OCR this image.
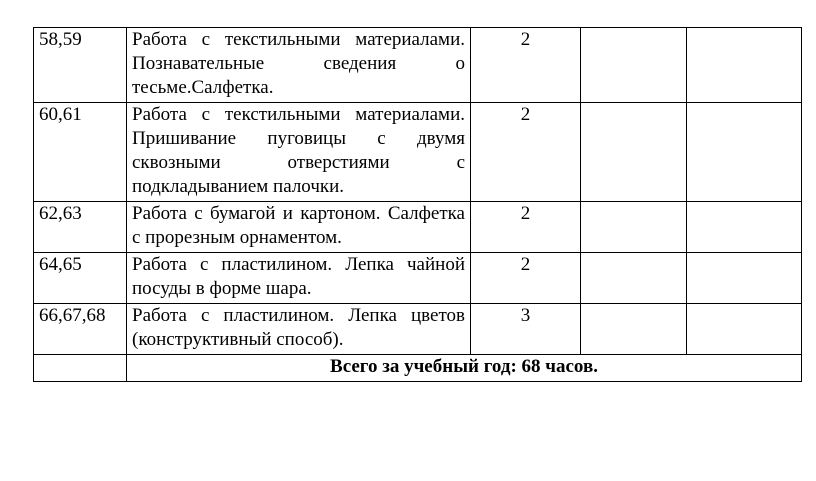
58,59	Работа с текстильными материалами. Познавательные сведения о тесьме.Салфетка.	2		
60,61	Работа с текстильными материалами. Пришивание пуговицы с двумя сквозными отверстиями с подкладыванием палочки.	2		
62,63	Работа с бумагой и картоном. Салфетка с прорезным орнаментом.	2		
64,65	Работа с пластилином. Лепка чайной посуды в форме шара.	2		
66,67,68	Работа с пластилином. Лепка цветов (конструктивный способ).	3		
	Всего за учебный год: 68 часов.			
